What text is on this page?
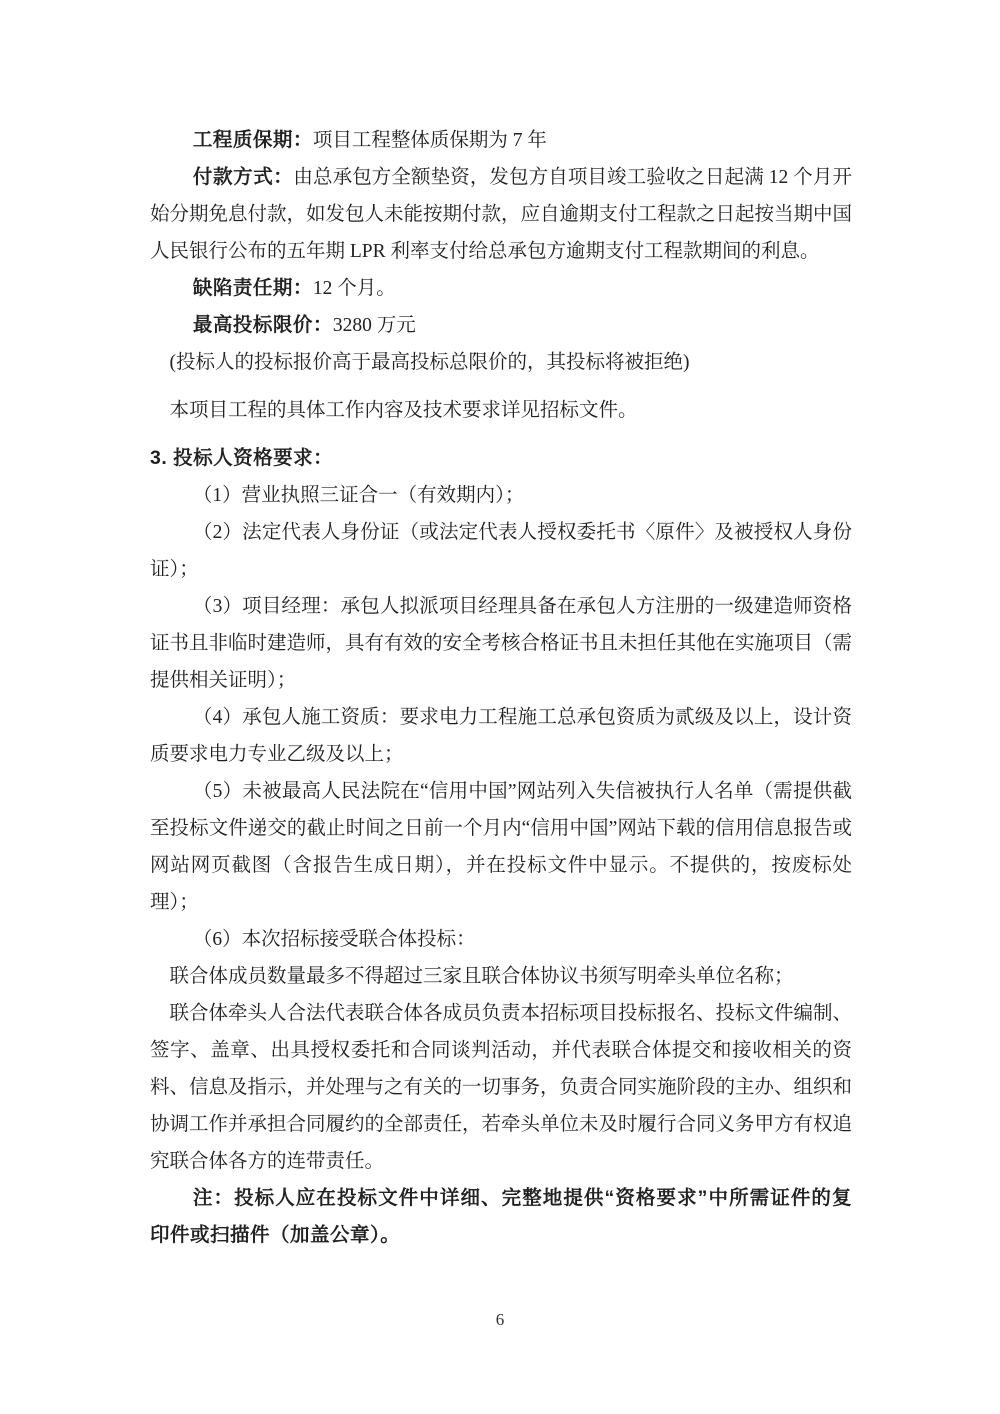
工程质保期：项目工程整体质保期为 7 年

付款方式：由总承包方全额垫资，发包方自项目竣工验收之日起满 12 个月开始分期免息付款，如发包人未能按期付款，应自逾期支付工程款之日起按当期中国人民银行公布的五年期 LPR 利率支付给总承包方逾期支付工程款期间的利息。

缺陷责任期：12 个月。

最高投标限价：3280 万元

(投标人的投标报价高于最高投标总限价的，其投标将被拒绝)

本项目工程的具体工作内容及技术要求详见招标文件。

3. 投标人资格要求：

（1）营业执照三证合一（有效期内）；

（2）法定代表人身份证（或法定代表人授权委托书〈原件〉及被授权人身份证）；

（3）项目经理：承包人拟派项目经理具备在承包人方注册的一级建造师资格证书且非临时建造师，具有有效的安全考核合格证书且未担任其他在实施项目（需提供相关证明）；

（4）承包人施工资质：要求电力工程施工总承包资质为贰级及以上，设计资质要求电力专业乙级及以上；

（5）未被最高人民法院在“信用中国”网站列入失信被执行人名单（需提供截至投标文件递交的截止时间之日前一个月内“信用中国”网站下载的信用信息报告或网站网页截图（含报告生成日期），并在投标文件中显示。不提供的，按废标处理）；

（6）本次招标接受联合体投标：

联合体成员数量最多不得超过三家且联合体协议书须写明牵头单位名称；

联合体牵头人合法代表联合体各成员负责本招标项目投标报名、投标文件编制、签字、盖章、出具授权委托和合同谈判活动，并代表联合体提交和接收相关的资料、信息及指示，并处理与之有关的一切事务，负责合同实施阶段的主办、组织和协调工作并承担合同履约的全部责任，若牵头单位未及时履行合同义务甲方有权追究联合体各方的连带责任。

注：投标人应在投标文件中详细、完整地提供“资格要求”中所需证件的复印件或扫描件（加盖公章）。

6
